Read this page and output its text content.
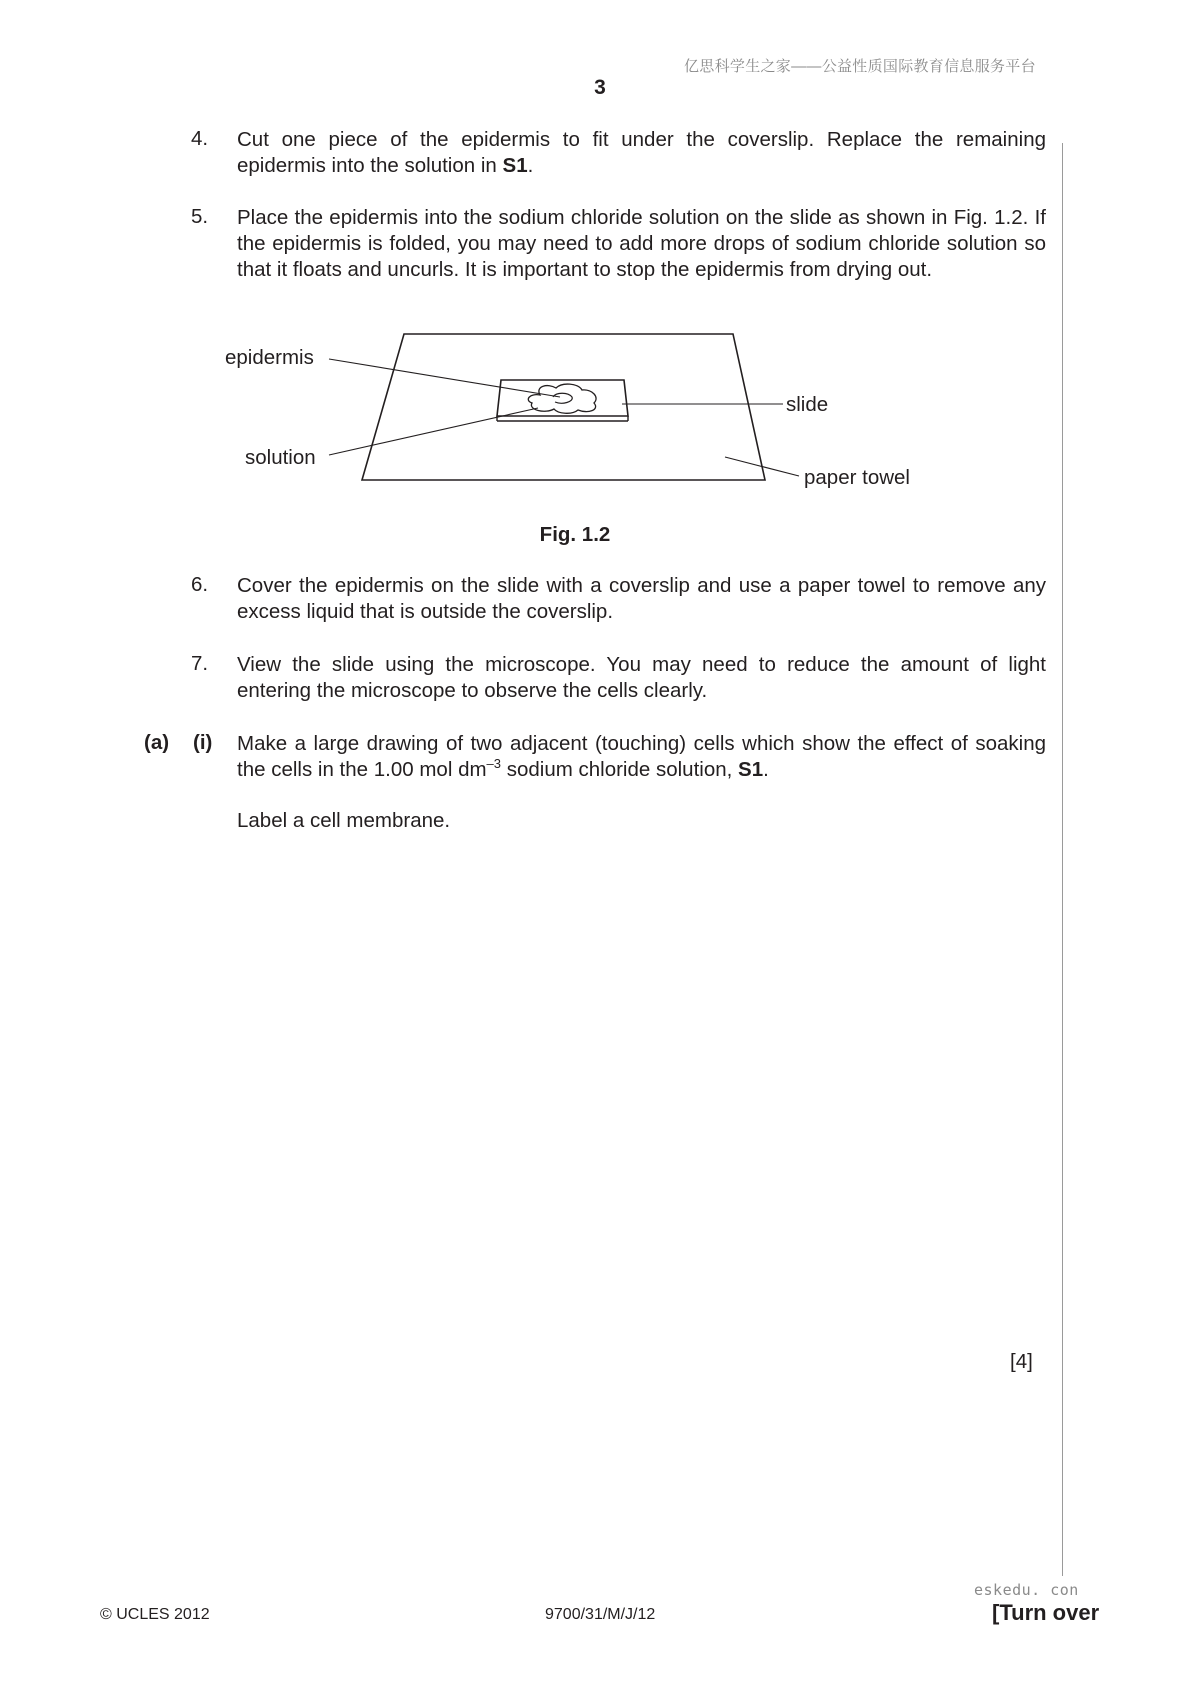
亿思科学生之家——公益性质国际教育信息服务平台
3
4. Cut one piece of the epidermis to fit under the coverslip. Replace the remaining epidermis into the solution in S1.
5. Place the epidermis into the sodium chloride solution on the slide as shown in Fig. 1.2. If the epidermis is folded, you may need to add more drops of sodium chloride solution so that it floats and uncurls. It is important to stop the epidermis from drying out.
epidermis
solution
slide
paper towel
Fig. 1.2
6. Cover the epidermis on the slide with a coverslip and use a paper towel to remove any excess liquid that is outside the coverslip.
7. View the slide using the microscope. You may need to reduce the amount of light entering the microscope to observe the cells clearly.
(a) (i) Make a large drawing of two adjacent (touching) cells which show the effect of soaking the cells in the 1.00 mol $dm^{-3}$ sodium chloride solution, S1.
Label a cell membrane.
[4]
eskedu. con
© UCLES 2012	9700/31/M/J/12	[Turn over
